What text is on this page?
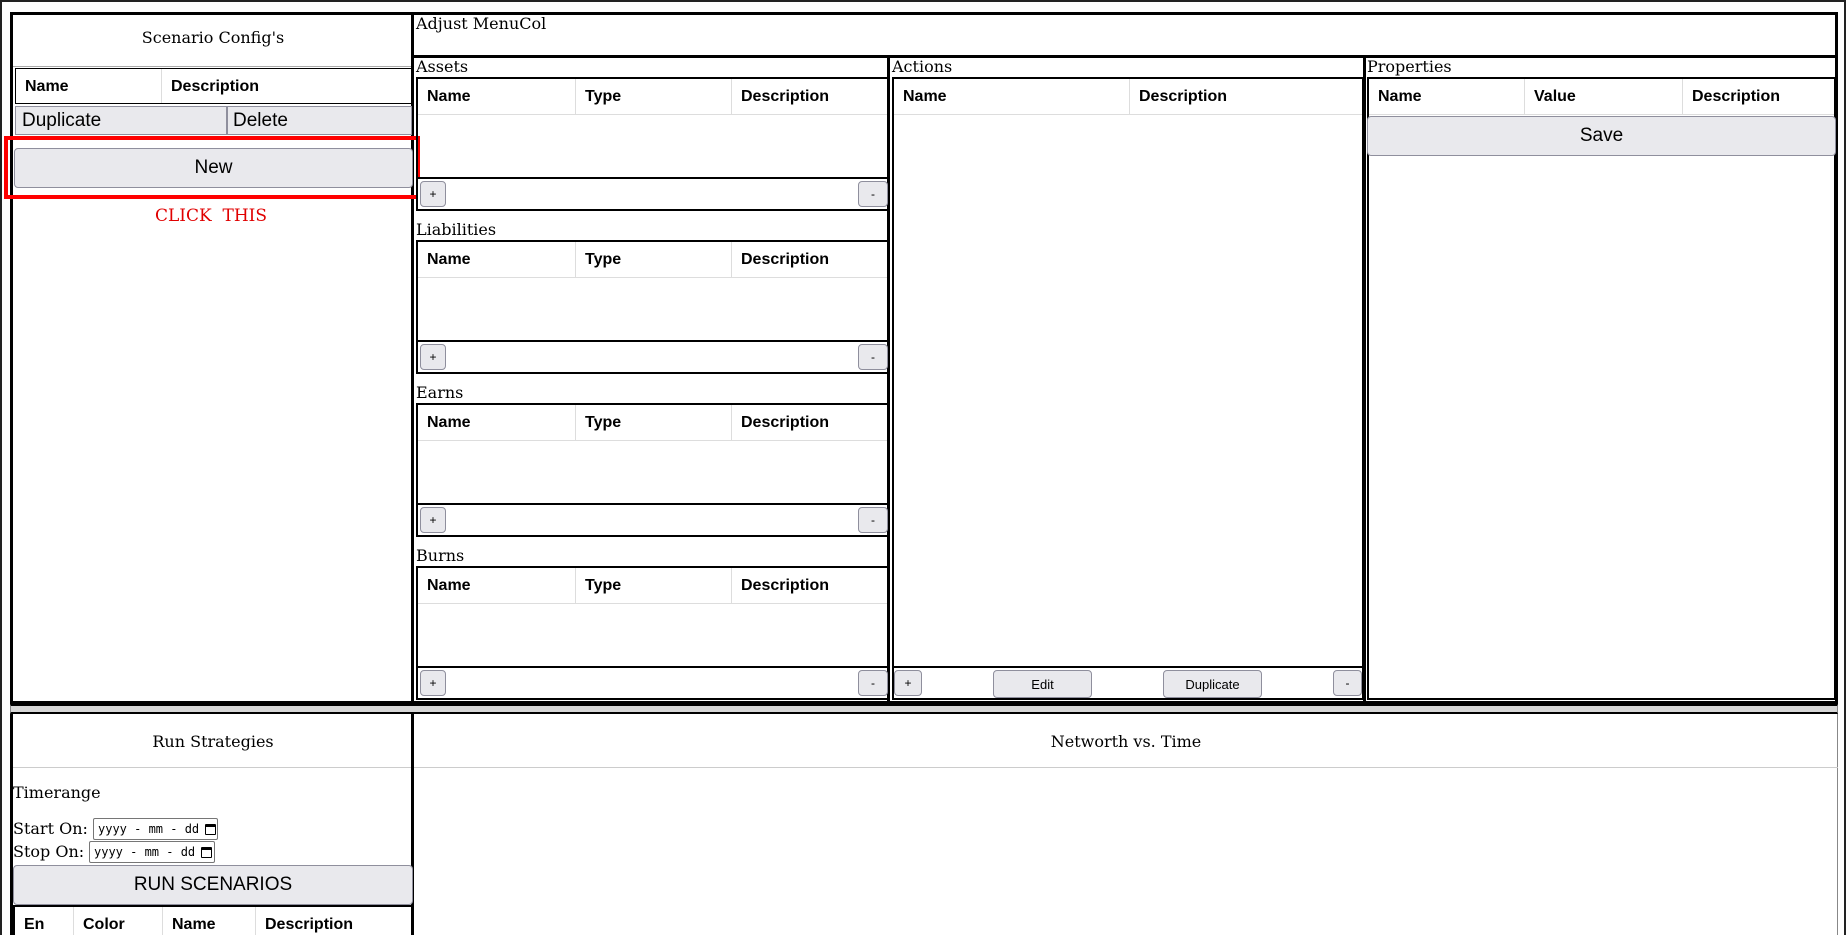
Scenario Config's
Name	Description
Duplicate	Delete
New
CLICK  THIS
Adjust MenuCol
Assets
Name	Type	Description
+	-
Liabilities
Name	Type	Description
+	-
Earns
Name	Type	Description
+	-
Burns
Name	Type	Description
+	-
Actions
Name	Description
+	Edit	Duplicate	-
Properties
Name	Value	Description
Save
Run Strategies
Timerange
Start On: yyyy - mm - dd
Stop On: yyyy - mm - dd
RUN SCENARIOS
En	Color	Name	Description
Networth vs. Time
